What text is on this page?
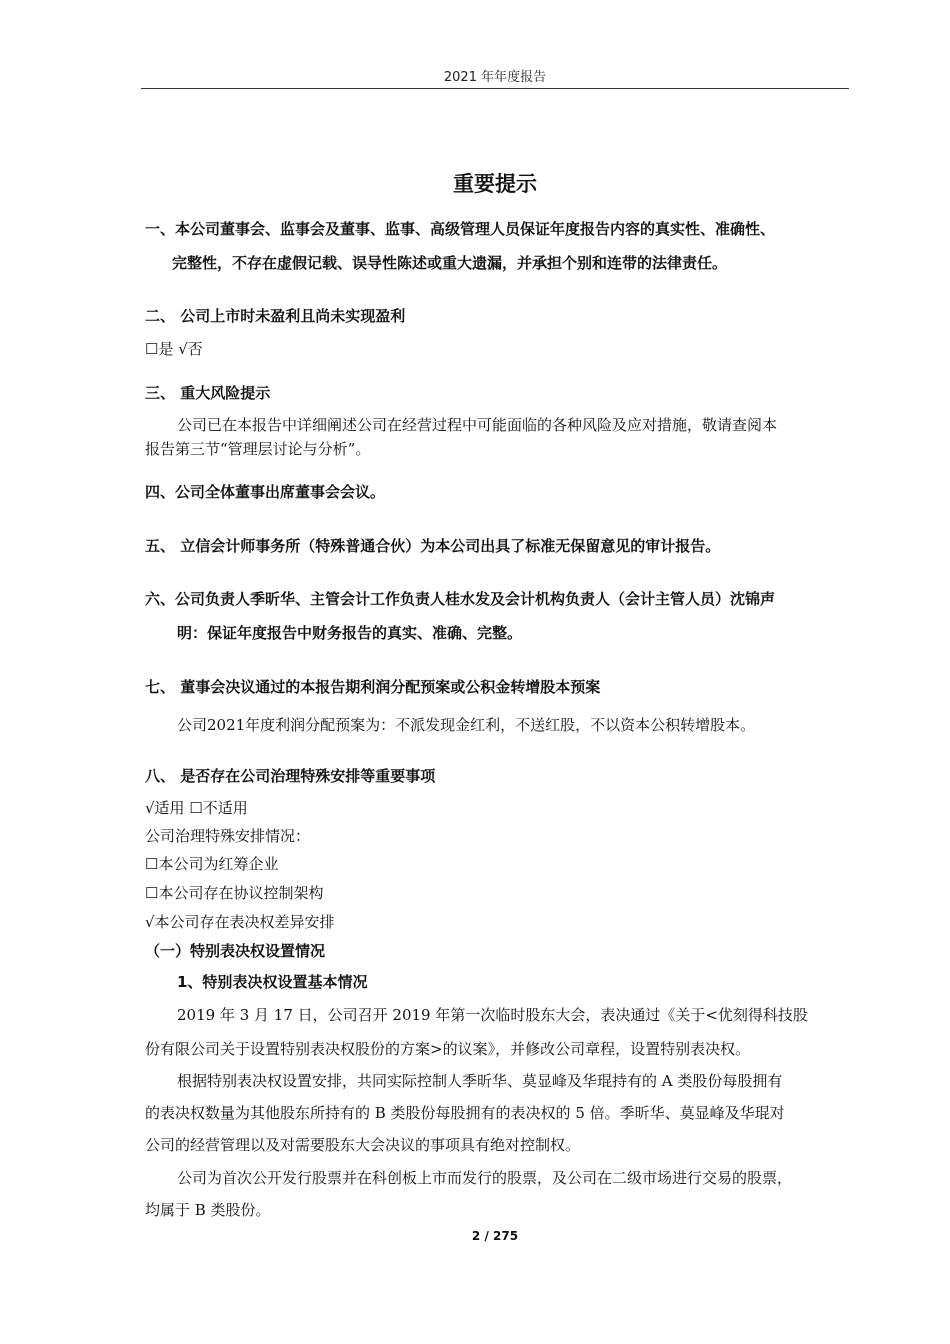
2021 年年度报告
重要提示
一、本公司董事会、监事会及董事、监事、高级管理人员保证年度报告内容的真实性、准确性、
完整性，不存在虚假记载、误导性陈述或重大遗漏，并承担个别和连带的法律责任。
二、 公司上市时未盈利且尚未实现盈利
☐是 √否
三、 重大风险提示
公司已在本报告中详细阐述公司在经营过程中可能面临的各种风险及应对措施，敬请查阅本
报告第三节“管理层讨论与分析”。
四、公司全体董事出席董事会会议。
五、 立信会计师事务所（特殊普通合伙）为本公司出具了标准无保留意见的审计报告。
六、公司负责人季昕华、主管会计工作负责人桂水发及会计机构负责人（会计主管人员）沈锦声
明：保证年度报告中财务报告的真实、准确、完整。
七、 董事会决议通过的本报告期利润分配预案或公积金转增股本预案
公司2021年度利润分配预案为：不派发现金红利，不送红股，不以资本公积转增股本。
八、 是否存在公司治理特殊安排等重要事项
√适用 ☐不适用
公司治理特殊安排情况：
☐本公司为红筹企业
☐本公司存在协议控制架构
√本公司存在表决权差异安排
（一）特别表决权设置情况
1、特别表决权设置基本情况
2019 年 3 月 17 日，公司召开 2019 年第一次临时股东大会，表决通过《关于<优刻得科技股
份有限公司关于设置特别表决权股份的方案>的议案》，并修改公司章程，设置特别表决权。
根据特别表决权设置安排，共同实际控制人季昕华、莫显峰及华琨持有的 A 类股份每股拥有
的表决权数量为其他股东所持有的 B 类股份每股拥有的表决权的 5 倍。季昕华、莫显峰及华琨对
公司的经营管理以及对需要股东大会决议的事项具有绝对控制权。
公司为首次公开发行股票并在科创板上市而发行的股票，及公司在二级市场进行交易的股票，
均属于 B 类股份。
2 / 275
